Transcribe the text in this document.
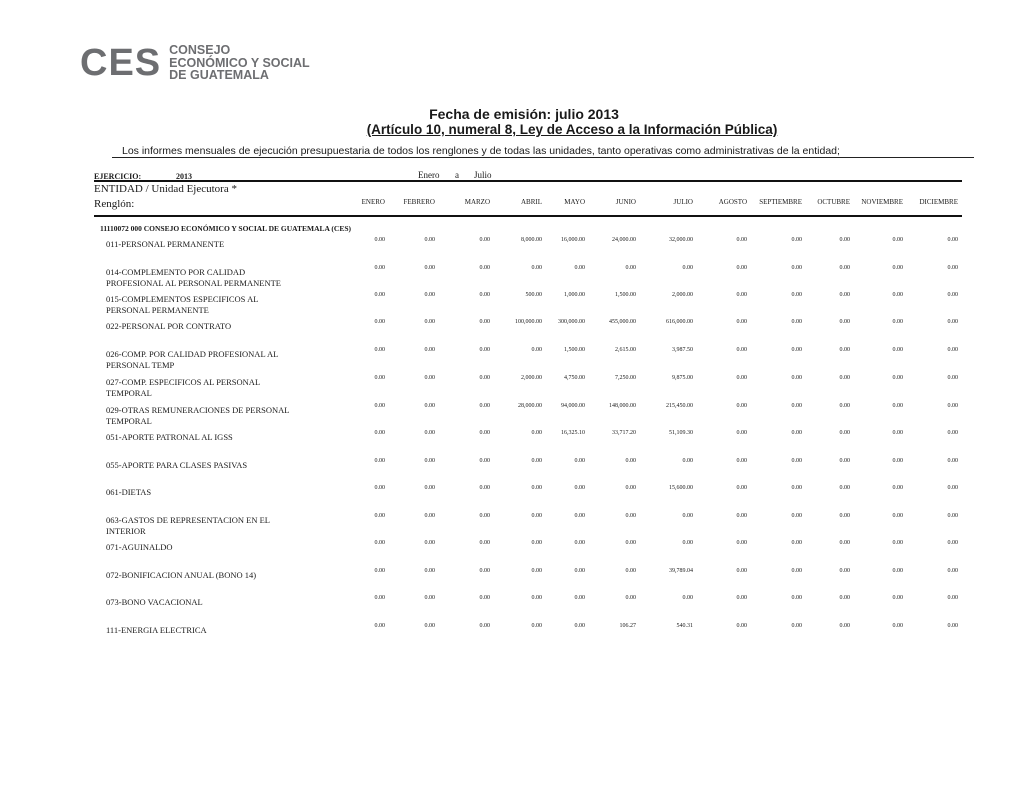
CES CONSEJO
ECONÓMICO Y SOCIAL
DE GUATEMALA
Fecha de emisión: julio 2013
(Artículo 10, numeral 8, Ley de Acceso a la Información Pública)
Los informes mensuales de ejecución presupuestaria de todos los renglones y de todas las unidades, tanto operativas como administrativas de la entidad;
EJERCICIO:	2013	Enero a Julio
ENTIDAD / Unidad Ejecutora *
Renglón:	ENERO	FEBRERO	MARZO	ABRIL	MAYO	JUNIO	JULIO	AGOSTO	SEPTIEMBRE	OCTUBRE	NOVIEMBRE	DICIEMBRE
11110072 000 CONSEJO ECONÓMICO Y SOCIAL DE GUATEMALA (CES)
011-PERSONAL PERMANENTE	0.00	0.00	0.00	8,000.00	16,000.00	24,000.00	32,000.00	0.00	0.00	0.00	0.00	0.00
014-COMPLEMENTO POR CALIDAD
PROFESIONAL AL PERSONAL PERMANENTE
0.00	0.00	0.00	0.00	0.00	0.00	0.00	0.00	0.00	0.00	0.00	0.00
015-COMPLEMENTOS ESPECIFICOS AL
PERSONAL PERMANENTE
0.00	0.00	0.00	500.00	1,000.00	1,500.00	2,000.00	0.00	0.00	0.00	0.00	0.00
022-PERSONAL POR CONTRATO	0.00	0.00	0.00	100,000.00	300,000.00	455,000.00	616,000.00	0.00	0.00	0.00	0.00	0.00
026-COMP. POR CALIDAD PROFESIONAL AL
PERSONAL TEMP
0.00	0.00	0.00	0.00	1,500.00	2,615.00	3,987.50	0.00	0.00	0.00	0.00	0.00
027-COMP. ESPECIFICOS AL PERSONAL
TEMPORAL
0.00	0.00	0.00	2,000.00	4,750.00	7,250.00	9,875.00	0.00	0.00	0.00	0.00	0.00
029-OTRAS REMUNERACIONES DE PERSONAL
TEMPORAL
0.00	0.00	0.00	28,000.00	94,000.00	148,000.00	215,450.00	0.00	0.00	0.00	0.00	0.00
051-APORTE PATRONAL AL IGSS	0.00	0.00	0.00	0.00	16,325.10	33,717.20	51,109.30	0.00	0.00	0.00	0.00	0.00
055-APORTE PARA CLASES PASIVAS	0.00	0.00	0.00	0.00	0.00	0.00	0.00	0.00	0.00	0.00	0.00	0.00
061-DIETAS	0.00	0.00	0.00	0.00	0.00	0.00	15,600.00	0.00	0.00	0.00	0.00	0.00
063-GASTOS DE REPRESENTACION EN EL
INTERIOR
0.00	0.00	0.00	0.00	0.00	0.00	0.00	0.00	0.00	0.00	0.00	0.00
071-AGUINALDO	0.00	0.00	0.00	0.00	0.00	0.00	0.00	0.00	0.00	0.00	0.00	0.00
072-BONIFICACION ANUAL (BONO 14)	0.00	0.00	0.00	0.00	0.00	0.00	39,789.04	0.00	0.00	0.00	0.00	0.00
073-BONO VACACIONAL	0.00	0.00	0.00	0.00	0.00	0.00	0.00	0.00	0.00	0.00	0.00	0.00
111-ENERGIA ELECTRICA	0.00	0.00	0.00	0.00	0.00	106.27	540.31	0.00	0.00	0.00	0.00	0.00
